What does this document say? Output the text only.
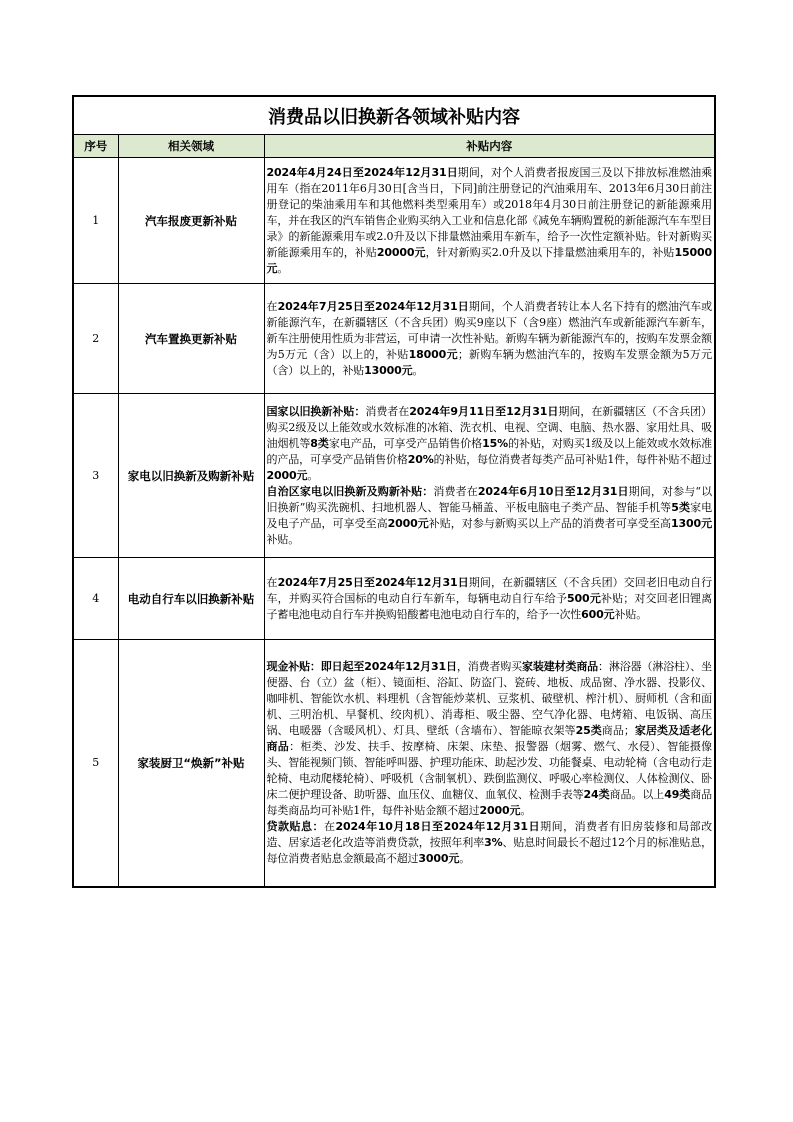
消费品以旧换新各领域补贴内容
序号	相关领域	补贴内容
1	汽车报废更新补贴	2024年4月24日至2024年12月31日期间，对个人消费者报废国三及以下排放标准燃油乘用车（指在2011年6月30日[含当日，下同]前注册登记的汽油乘用车、2013年6月30日前注册登记的柴油乘用车和其他燃料类型乘用车）或2018年4月30日前注册登记的新能源乘用车，并在我区的汽车销售企业购买纳入工业和信息化部《减免车辆购置税的新能源汽车车型目录》的新能源乘用车或2.0升及以下排量燃油乘用车新车，给予一次性定额补贴。针对新购买新能源乘用车的，补贴20000元，针对新购买2.0升及以下排量燃油乘用车的，补贴15000元。
2	汽车置换更新补贴	在2024年7月25日至2024年12月31日期间，个人消费者转让本人名下持有的燃油汽车或新能源汽车，在新疆辖区（不含兵团）购买9座以下（含9座）燃油汽车或新能源汽车新车，新车注册使用性质为非营运，可申请一次性补贴。新购车辆为新能源汽车的，按购车发票金额为5万元（含）以上的，补贴18000元；新购车辆为燃油汽车的，按购车发票金额为5万元（含）以上的，补贴13000元。
3	家电以旧换新及购新补贴	国家以旧换新补贴：消费者在2024年9月11日至12月31日期间，在新疆辖区（不含兵团）购买2级及以上能效或水效标准的冰箱、洗衣机、电视、空调、电脑、热水器、家用灶具、吸油烟机等8类家电产品，可享受产品销售价格15%的补贴，对购买1级及以上能效或水效标准的产品，可享受产品销售价格20%的补贴，每位消费者每类产品可补贴1件，每件补贴不超过2000元。
自治区家电以旧换新及购新补贴：消费者在2024年6月10日至12月31日期间，对参与“以旧换新”购买洗碗机、扫地机器人、智能马桶盖、平板电脑电子类产品、智能手机等5类家电及电子产品，可享受至高2000元补贴，对参与新购买以上产品的消费者可享受至高1300元补贴。
4	电动自行车以旧换新补贴	在2024年7月25日至2024年12月31日期间，在新疆辖区（不含兵团）交回老旧电动自行车，并购买符合国标的电动自行车新车，每辆电动自行车给予500元补贴；对交回老旧锂离子蓄电池电动自行车并换购铅酸蓄电池电动自行车的，给予一次性600元补贴。
5	家装厨卫“焕新”补贴	现金补贴：即日起至2024年12月31日，消费者购买家装建材类商品：淋浴器（淋浴柱）、坐便器、台（立）盆（柜）、镜面柜、浴缸、防盗门、瓷砖、地板、成品窗、净水器、投影仪、咖啡机、智能饮水机、料理机（含智能炒菜机、豆浆机、破壁机、榨汁机）、厨师机（含和面机、三明治机、早餐机、绞肉机）、消毒柜、吸尘器、空气净化器、电烤箱、电饭锅、高压锅、电暖器（含暖风机）、灯具、壁纸（含墙布）、智能晾衣架等25类商品；家居类及适老化商品：柜类、沙发、扶手、按摩椅、床架、床垫、报警器（烟雾、燃气、水侵）、智能摄像头、智能视频门锁、智能呼叫器、护理功能床、助起沙发、功能餐桌、电动轮椅（含电动行走轮椅、电动爬楼轮椅）、呼吸机（含制氧机）、跌倒监测仪、呼吸心率检测仪、人体检测仪、卧床二便护理设备、助听器、血压仪、血糖仪、血氧仪、检测手表等24类商品。以上49类商品每类商品均可补贴1件，每件补贴金额不超过2000元。
贷款贴息：在2024年10月18日至2024年12月31日期间，消费者有旧房装修和局部改造、居家适老化改造等消费贷款，按照年利率3%、贴息时间最长不超过12个月的标准贴息，每位消费者贴息金额最高不超过3000元。
